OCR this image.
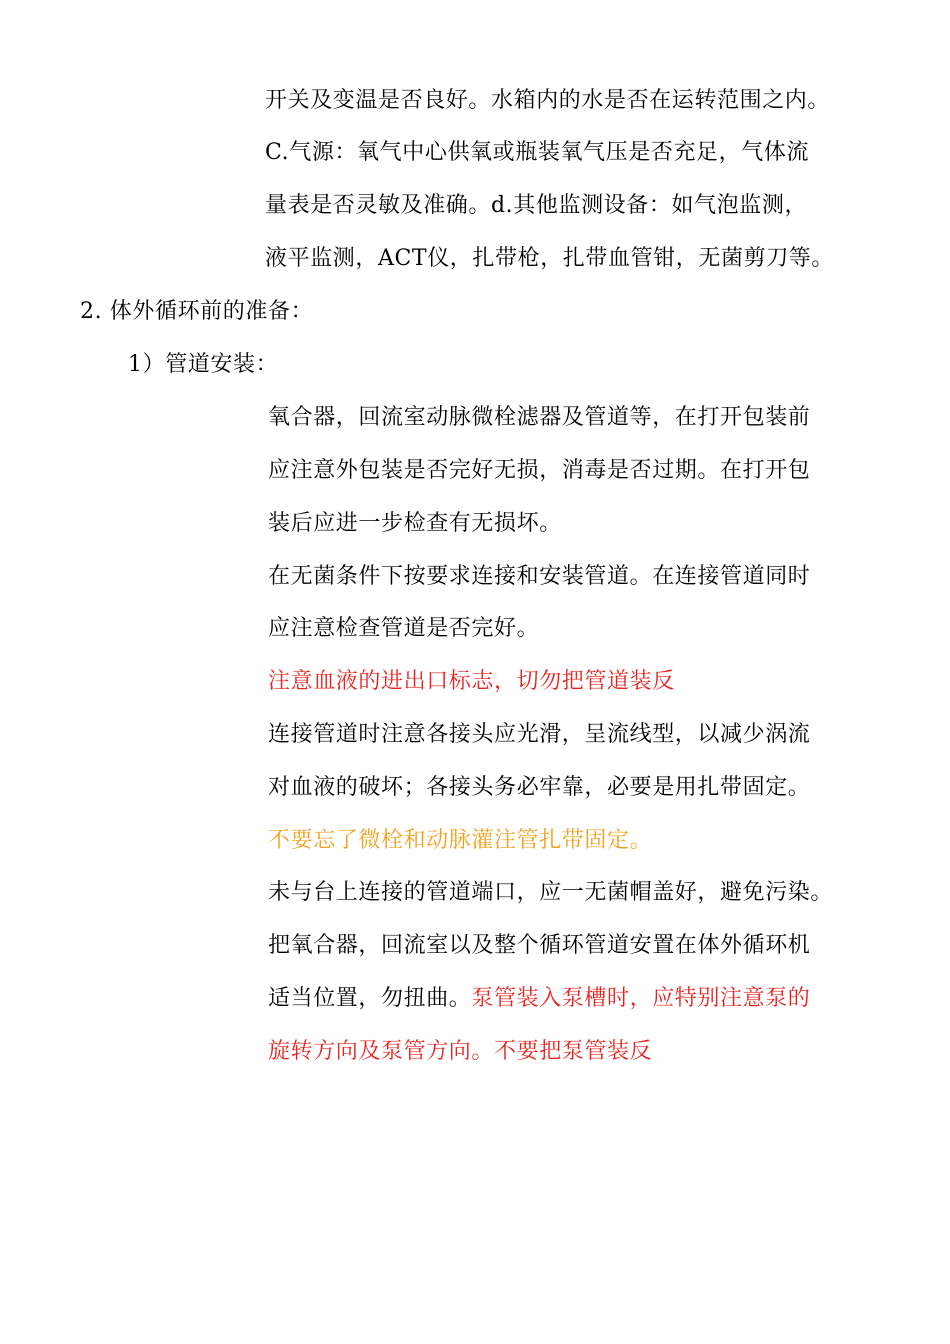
开关及变温是否良好。水箱内的水是否在运转范围之内。
C.气源：氧气中心供氧或瓶装氧气压是否充足，气体流
量表是否灵敏及准确。d.其他监测设备：如气泡监测，
液平监测，ACT仪，扎带枪，扎带血管钳，无菌剪刀等。
2. 体外循环前的准备：
1）管道安装：
氧合器，回流室动脉微栓滤器及管道等，在打开包装前
应注意外包装是否完好无损，消毒是否过期。在打开包
装后应进一步检查有无损坏。
在无菌条件下按要求连接和安装管道。在连接管道同时
应注意检查管道是否完好。
注意血液的进出口标志，切勿把管道装反
连接管道时注意各接头应光滑，呈流线型，以减少涡流
对血液的破坏；各接头务必牢靠，必要是用扎带固定。
不要忘了微栓和动脉灌注管扎带固定。
未与台上连接的管道端口，应一无菌帽盖好，避免污染。
把氧合器，回流室以及整个循环管道安置在体外循环机
适当位置，勿扭曲。泵管装入泵槽时，应特别注意泵的
旋转方向及泵管方向。不要把泵管装反
